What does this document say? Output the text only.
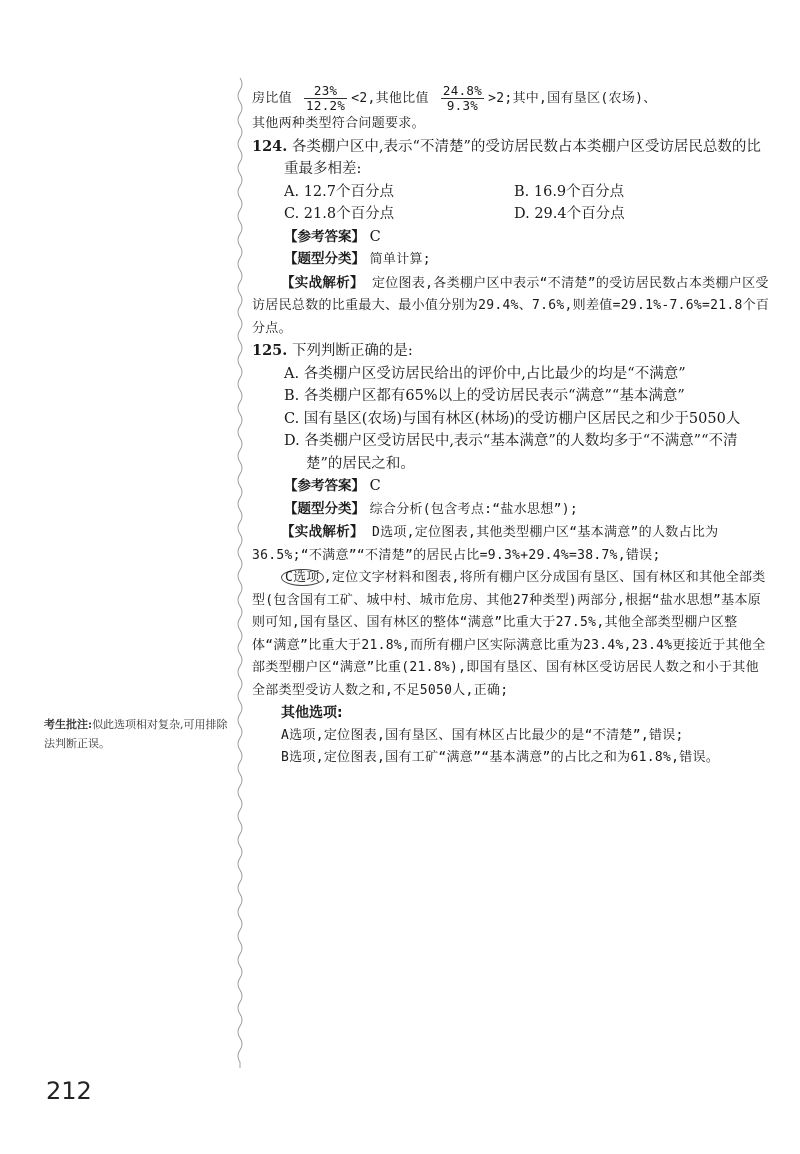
考生批注:似此选项相对复杂,可用排除法判断正误。

房比值 $\frac{23\%}{12.2\%} <2$,其他比值 $\frac{24.8\%}{9.3\%} >2$;其中,国有垦区(农场)、

其他两种类型符合问题要求。

124. 各类棚户区中,表示“不清楚”的受访居民数占本类棚户区受访居民总数的比重最多相差:

A. 12.7个百分点	B. 16.9个百分点
C. 21.8个百分点	D. 29.4个百分点

【参考答案】 C

【题型分类】 简单计算;

【实战解析】 定位图表,各类棚户区中表示“不清楚”的受访居民数占本类棚户区受访居民总数的比重最大、最小值分别为29.4%、7.6%,则差值=29.1%-7.6%=21.8个百分点。

125. 下列判断正确的是:

A. 各类棚户区受访居民给出的评价中,占比最少的均是“不满意”

B. 各类棚户区都有65%以上的受访居民表示“满意”“基本满意”

C. 国有垦区(农场)与国有林区(林场)的受访棚户区居民之和少于5050人

D. 各类棚户区受访居民中,表示“基本满意”的人数均多于“不满意”“不清楚”的居民之和。

【参考答案】 C

【题型分类】 综合分析(包含考点:“盐水思想”);

【实战解析】 D选项,定位图表,其他类型棚户区“基本满意”的人数占比为36.5%;“不满意”“不清楚”的居民占比=9.3%+29.4%=38.7%,错误;

C选项 ,定位文字材料和图表,将所有棚户区分成国有垦区、国有林区和其他全部类型(包含国有工矿、城中村、城市危房、其他27种类型)两部分,根据“盐水思想”基本原则可知,国有垦区、国有林区的整体“满意”比重大于27.5%,其他全部类型棚户区整体“满意”比重大于21.8%,而所有棚户区实际满意比重为23.4%,23.4%更接近于其他全部类型棚户区“满意”比重(21.8%),即国有垦区、国有林区受访居民人数之和小于其他全部类型受访人数之和,不足5050人,正确;

其他选项:

A选项,定位图表,国有垦区、国有林区占比最少的是“不清楚”,错误;

B选项,定位图表,国有工矿“满意”“基本满意”的占比之和为61.8%,错误。

212
